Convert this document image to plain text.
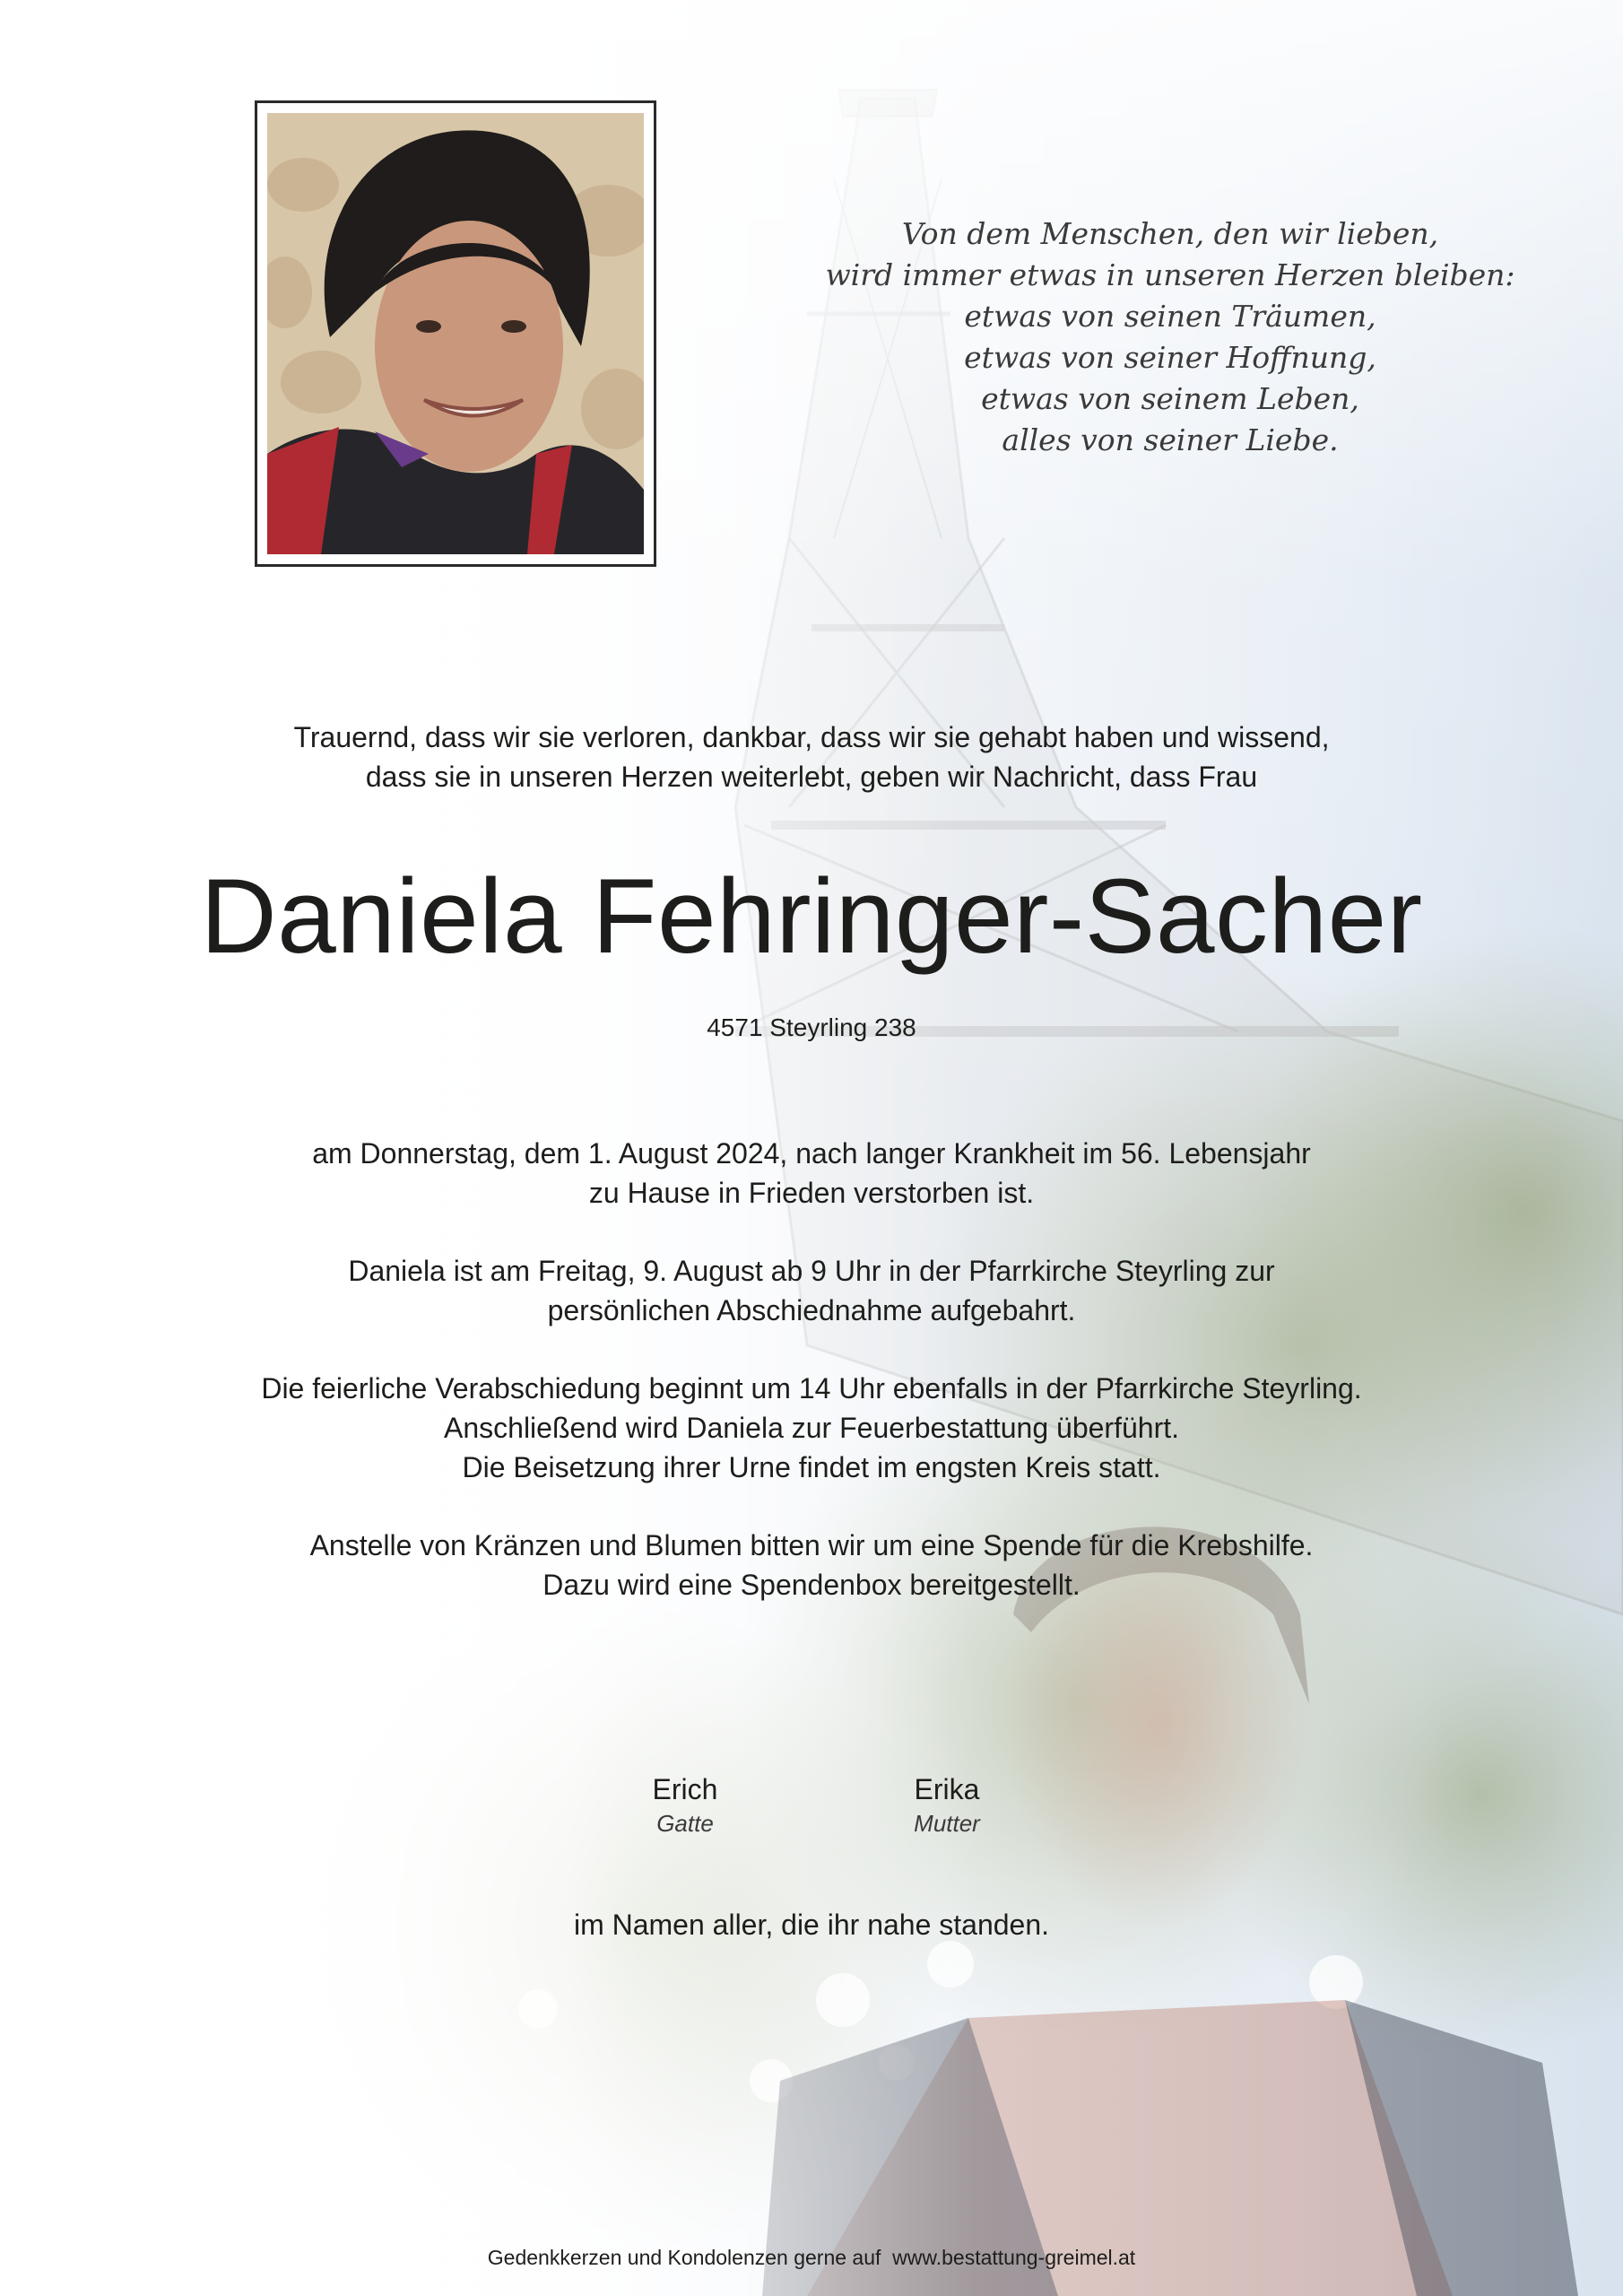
Von dem Menschen, den wir lieben,
wird immer etwas in unseren Herzen bleiben:
etwas von seinen Träumen,
etwas von seiner Hoffnung,
etwas von seinem Leben,
alles von seiner Liebe.
Trauernd, dass wir sie verloren, dankbar, dass wir sie gehabt haben und wissend,
dass sie in unseren Herzen weiterlebt, geben wir Nachricht, dass Frau
Daniela Fehringer-Sacher
4571 Steyrling 238
am Donnerstag, dem 1. August 2024, nach langer Krankheit im 56. Lebensjahr
zu Hause in Frieden verstorben ist.
Daniela ist am Freitag, 9. August ab 9 Uhr in der Pfarrkirche Steyrling zur
persönlichen Abschiednahme aufgebahrt.
Die feierliche Verabschiedung beginnt um 14 Uhr ebenfalls in der Pfarrkirche Steyrling.
Anschließend wird Daniela zur Feuerbestattung überführt.
Die Beisetzung ihrer Urne findet im engsten Kreis statt.
Anstelle von Kränzen und Blumen bitten wir um eine Spende für die Krebshilfe.
Dazu wird eine Spendenbox bereitgestellt.
Erich
Gatte
Erika
Mutter
im Namen aller, die ihr nahe standen.
Gedenkkerzen und Kondolenzen gerne auf  www.bestattung-greimel.at
